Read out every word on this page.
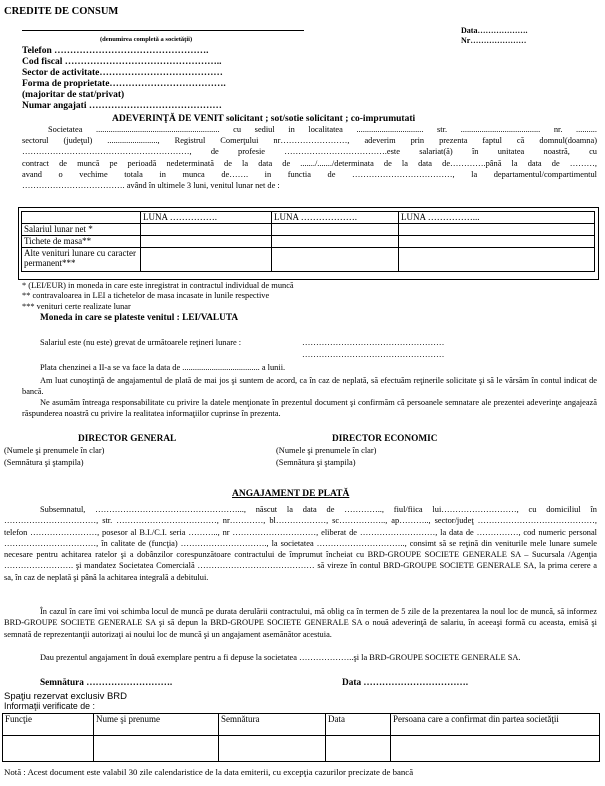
CREDITE DE CONSUM
(denumirea completă a societăţii)
Data……………….
Nr…………………
Telefon ………………………………………….
Cod fiscal …………………………………………..
Sector de activitate…………………………………
Forma de proprietate……………………………….
(majoritar de stat/privat)
Numar angajati ……………………………………
ADEVERINŢĂ DE VENIT solicitant ; sot/sotie solicitant ; co-imprumutati
Societatea ........................................................... cu sediul in localitatea ................................ str. ...................................... nr. ..........
sectorul (judeţul) ........................, Registrul Comerţului nr……………………, adeverim prin prezenta faptul că domnul(doamna)
……………………………………………………, de profesie ……………………………….este salariat(ă) în unitatea noastră, cu
contract de muncă pe perioadă nedeterminată de la data de ......./......./determinata de la data de………….până la data de ………,
avand o vechime totala in munca de……. in functia de ………………………………, la departamentul/compartimentul
………………………………. având în ultimele 3 luni, venitul lunar net de :
	LUNA …………….	LUNA ……………….	LUNA ……………...
Salariul lunar net *			
Tichete de masa**			
Alte venituri lunare cu caracter permanent***			
* (LEI/EUR) in moneda in care este inregistrat in contractul individual de muncă
** contravaloarea in LEI a tichetelor de masa incasate in lunile respective
*** venituri certe realizate lunar
Moneda in care se plateste venitul : LEI/VALUTA
Salariul este (nu este) grevat de următoarele reţineri lunare :	……………………………………………
……………………………………………
Plata chenzinei a II-a se va face la data de ..................................... a lunii.
Am luat cunoştinţă de angajamentul de plată de mai jos şi suntem de acord, ca în caz de neplată, să efectuăm reţinerile solicitate şi să le vărsăm în contul indicat de bancă.
Ne asumăm întreaga responsabilitate cu privire la datele menţionate în prezentul document şi confirmăm că persoanele semnatare ale prezentei adeverinţe angajează răspunderea noastră cu privire la realitatea informaţiilor cuprinse în prezenta.
DIRECTOR GENERAL
(Numele şi prenumele în clar)
(Semnătura şi ştampila)
DIRECTOR ECONOMIC
(Numele şi prenumele în clar)
(Semnătura şi ştampila)
ANGAJAMENT DE PLATĂ
Subsemnatul, ……………………………………………..., născut la data de ………….., fiul/fiica lui………………………, cu domiciliul în ……………………………, str. ………………………………, nr…………, bl………………, sc…………….., ap……….., sector/judeţ ……………………………………, telefon ……………………, posesor al B.I./C.I. seria ……….., nr …………………………, eliberat de ………………………, la data de ……………, cod numeric personal ……………………………, în calitate de (funcţia) …………………………., la societatea ………………………….., consimt să se reţină din veniturile mele lunare sumele necesare pentru achitarea ratelor şi a dobânzilor corespunzătoare contractului de împrumut încheiat cu BRD-GROUPE SOCIETE GENERALE SA – Sucursala /Agenţia ……………………. şi mandatez Societatea Comercială …………………………………… să vireze în contul BRD-GROUPE SOCIETE GENERALE SA, la prima cerere a sa, în caz de neplată şi până la achitarea integrală a debitului.
În cazul în care îmi voi schimba locul de muncă pe durata derulării contractului, mă oblig ca în termen de 5 zile de la prezentarea la noul loc de muncă, să informez BRD-GROUPE SOCIETE GENERALE SA şi să depun la BRD-GROUPE SOCIETE GENERALE SA o nouă adeverinţă de salariu, în aceeaşi formă cu aceasta, emisă şi semnată de reprezentanţii autorizaţi ai noului loc de muncă şi un angajament asemănător acestuia.
Dau prezentul angajament în două exemplare pentru a fi depuse la societatea ………………..şi la BRD-GROUPE SOCIETE GENERALE SA.
Semnătura ……………………….	Data …………………………….
Spaţiu rezervat exclusiv BRD
Informaţii verificate de :
Funcţie	Nume şi prenume	Semnătura	Data	Persoana care a confirmat din partea societăţii

Notă : Acest document este valabil 30 zile calendaristice de la data emiterii, cu excepţia cazurilor precizate de bancă
